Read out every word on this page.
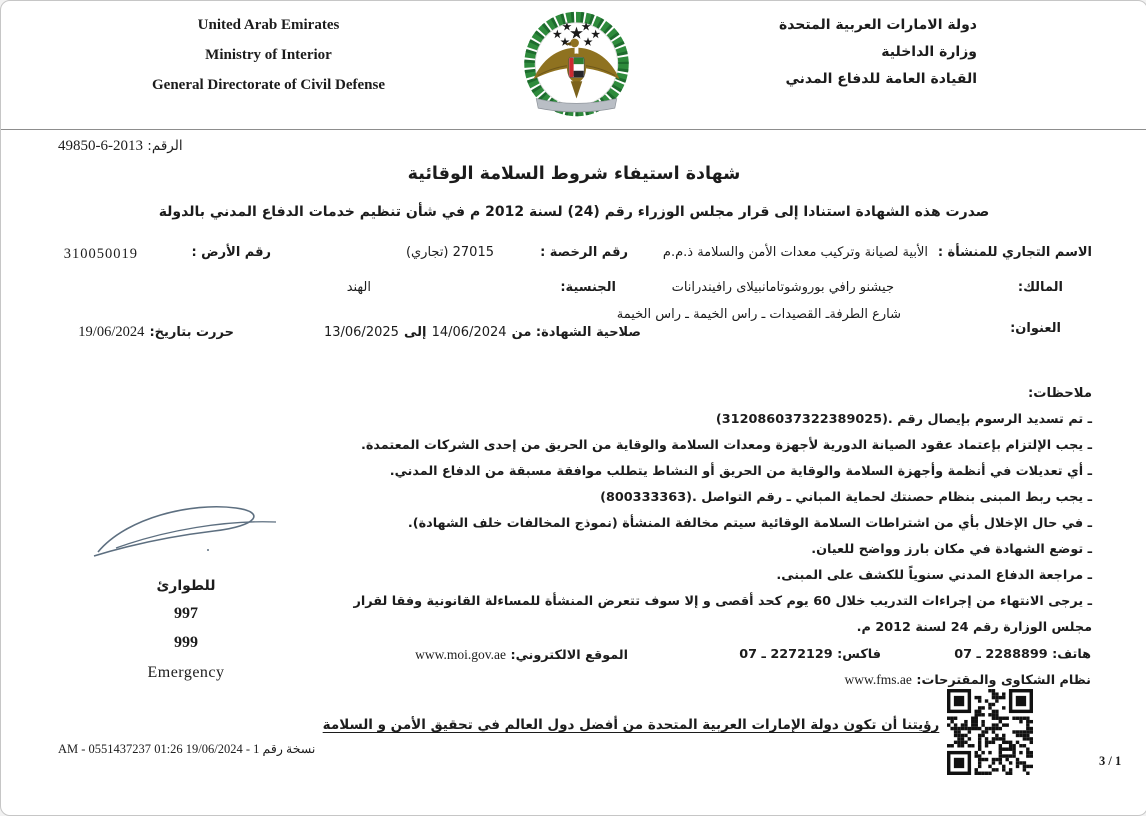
United Arab Emirates
Ministry of Interior
General Directorate of Civil Defense
دولة الامارات العربية المتحدة
وزارة الداخلية
القيادة العامة للدفاع المدني
الرقم: 2013-6-49850
شهادة استيفاء شروط السلامة الوقائية
صدرت هذه الشهادة استنادا إلى قرار مجلس الوزراء رقم (24) لسنة 2012 م في شأن تنظيم خدمات الدفاع المدني بالدولة
الاسم التجاري للمنشأة :
الأبية لصيانة وتركيب معدات الأمن والسلامة ذ.م.م
رقم الرخصة :
27015 (تجاري)
رقم الأرض :
310050019
المالك:
جيشنو رافي بوروشوتامانبيلاى رافيندرانات
الجنسية:
الهند
العنوان:
شارع الطرفةـ القصيدات ـ راس الخيمة ـ راس الخيمة
صلاحية الشهادة: من 14/06/2024 إلى 13/06/2025
حررت بتاريخ: 19/06/2024
ملاحظات:
ـ تم تسديد الرسوم بإيصال رقم .(312086037322389025)
ـ يجب الإلتزام بإعتماد عقود الصيانة الدورية لأجهزة ومعدات السلامة والوقاية من الحريق من إحدى الشركات المعتمدة.
ـ أي تعديلات في أنظمة وأجهزة السلامة والوقاية من الحريق أو النشاط يتطلب موافقة مسبقة من الدفاع المدني.
ـ يجب ربط المبنى بنظام حصنتك لحماية المباني ـ رقم التواصل .(800333363)
ـ في حال الإخلال بأي من اشتراطات السلامة الوقائية سيتم مخالفة المنشأة (نموذج المخالفات خلف الشهادة).
ـ توضع الشهادة في مكان بارز وواضح للعيان.
ـ مراجعة الدفاع المدني سنوياً للكشف على المبنى.
ـ يرجى الانتهاء من إجراءات التدريب خلال 60 يوم كحد أقصى و إلا سوف تتعرض المنشأة للمساءلة القانونية وفقا لقرار مجلس الوزارة رقم 24 لسنة 2012 م.
للطوارئ
997
999
Emergency
هاتف: 2288899 ـ 07
فاكس: 2272129 ـ 07
الموقع الالكتروني: www.moi.gov.ae
نظام الشكاوى والمقترحات: www.fms.ae
رؤيتنا أن تكون دولة الإمارات العربية المتحدة من أفضل دول العالم في تحقيق الأمن و السلامة
نسخة رقم 1 - 19/06/2024 01:26 AM - 0551437237
3 / 1
